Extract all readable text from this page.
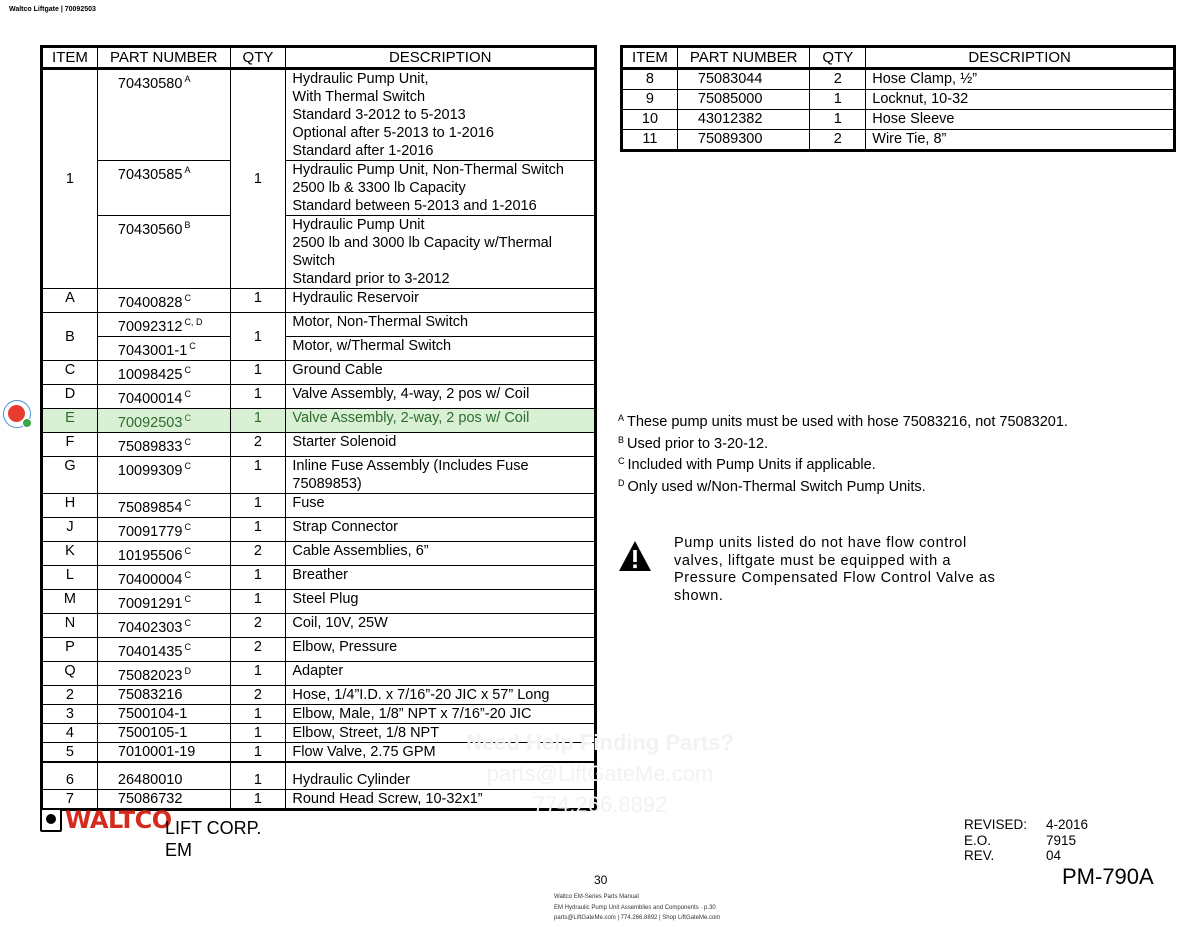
Waltco Liftgate | 70092503
ITEM	PART NUMBER	QTY	DESCRIPTION
1	70430580 $^A$	1	Hydraulic Pump Unit,
With Thermal Switch
Standard 3-2012 to 5-2013
Optional after 5-2013 to 1-2016
Standard after 1-2016

	70430585 $^A$		Hydraulic Pump Unit, Non-Thermal Switch
2500 lb & 3300 lb Capacity
Standard between 5-2013 and 1-2016

	70430560 $^B$		Hydraulic Pump Unit
2500 lb and 3000 lb Capacity w/Thermal Switch
Standard prior to 3-2012

A	70400828 $^C$	1	Hydraulic Reservoir
B	70092312 $^{C, D}$	1	Motor, Non-Thermal Switch
	7043001-1 $^C$		Motor, w/Thermal Switch
C	10098425 $^C$	1	Ground Cable
D	70400014 $^C$	1	Valve Assembly, 4-way, 2 pos w/ Coil
E	70092503 $^C$	1	Valve Assembly, 2-way, 2 pos w/ Coil
F	75089833 $^C$	2	Starter Solenoid
G	10099309 $^C$	1	Inline Fuse Assembly (Includes Fuse 75089853)
H	75089854 $^C$	1	Fuse
J	70091779 $^C$	1	Strap Connector
K	10195506 $^C$	2	Cable Assemblies, 6”
L	70400004 $^C$	1	Breather
M	70091291 $^C$	1	Steel Plug
N	70402303 $^C$	2	Coil, 10V, 25W
P	70401435 $^C$	2	Elbow, Pressure
Q	75082023 $^D$	1	Adapter
2	75083216	2	Hose, 1/4”I.D. x 7/16”-20 JIC x 57” Long
3	7500104-1	1	Elbow, Male, 1/8” NPT x 7/16”-20 JIC
4	7500105-1	1	Elbow, Street, 1/8 NPT
5	7010001-19	1	Flow Valve, 2.75 GPM
6	26480010	1	Hydraulic Cylinder
7	75086732	1	Round Head Screw, 10-32x1”
ITEM	PART NUMBER	QTY	DESCRIPTION
8	75083044	2	Hose Clamp, ½”
9	75085000	1	Locknut, 10-32
10	43012382	1	Hose Sleeve
11	75089300	2	Wire Tie, 8”
$^A$ These pump units must be used with hose 75083216, not 75083201.
$^B$ Used prior to 3-20-12.
$^C$ Included with Pump Units if applicable.
$^D$ Only used w/Non-Thermal Switch Pump Units.
Pump units listed do not have flow control
valves, liftgate must be equipped with a
Pressure Compensated Flow Control Valve as
shown.
Need Help Finding Parts?
parts@LiftGateMe.com
774.266.8892
WALTCO
LIFT CORP.
EM
REVISED:	4-2016
E.O.	7915
REV.	04
PM-790A
30
Waltco EM-Series Parts Manual
EM Hydraulic Pump Unit Assemblies and Components · p.30
parts@LiftGateMe.com | 774.266.8892 | Shop LiftGateMe.com
